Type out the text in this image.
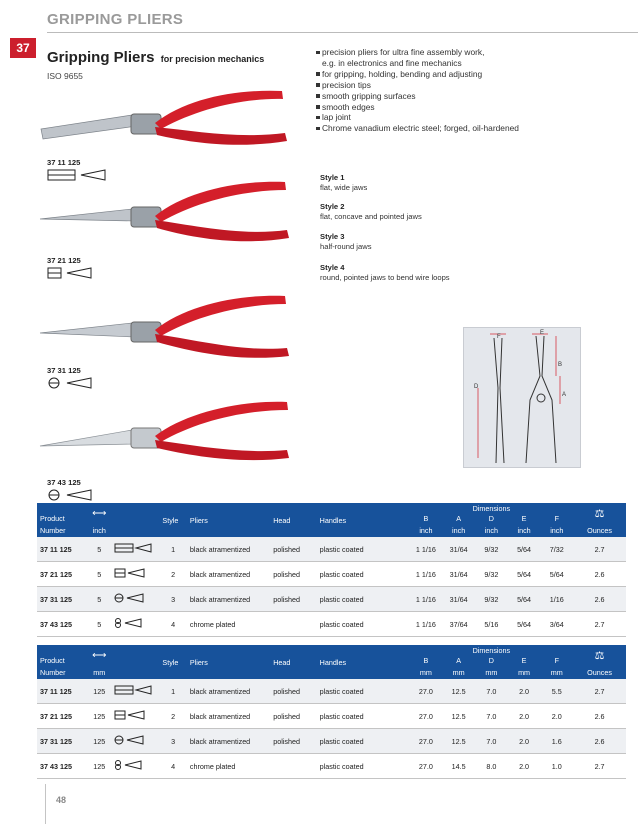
GRIPPING PLIERS
37
Gripping Pliers for precision mechanics
ISO 9655
precision pliers for ultra fine assembly work,
e.g. in electronics and fine mechanics
for gripping, holding, bending and adjusting
precision tips
smooth gripping surfaces
smooth edges
lap joint
Chrome vanadium electric steel; forged, oil-hardened
Style 1
flat, wide jaws
Style 2
flat, concave and pointed jaws
Style 3
half-round jaws
Style 4
round, pointed jaws to bend wire loops
37 11 125
37 21 125
37 31 125
37 43 125
F
E
B
D
A
Product	⟷		Style	Pliers	Head	Handles	Dimensions					⚖
							B	A	D	E	F	
Number	inch						inch	inch	inch	inch	inch	Ounces
37 11 125	5		1	black atramentized	polished	plastic coated	1 1/16	31/64	9/32	5/64	7/32	2.7
37 21 125	5		2	black atramentized	polished	plastic coated	1 1/16	31/64	9/32	5/64	5/64	2.6
37 31 125	5		3	black atramentized	polished	plastic coated	1 1/16	31/64	9/32	5/64	1/16	2.6
37 43 125	5		4	chrome plated		plastic coated	1 1/16	37/64	5/16	5/64	3/64	2.7
Product	⟷		Style	Pliers	Head	Handles	Dimensions					⚖
							B	A	D	E	F	
Number	mm						mm	mm	mm	mm	mm	Ounces
37 11 125	125		1	black atramentized	polished	plastic coated	27.0	12.5	7.0	2.0	5.5	2.7
37 21 125	125		2	black atramentized	polished	plastic coated	27.0	12.5	7.0	2.0	2.0	2.6
37 31 125	125		3	black atramentized	polished	plastic coated	27.0	12.5	7.0	2.0	1.6	2.6
37 43 125	125		4	chrome plated		plastic coated	27.0	14.5	8.0	2.0	1.0	2.7
48
